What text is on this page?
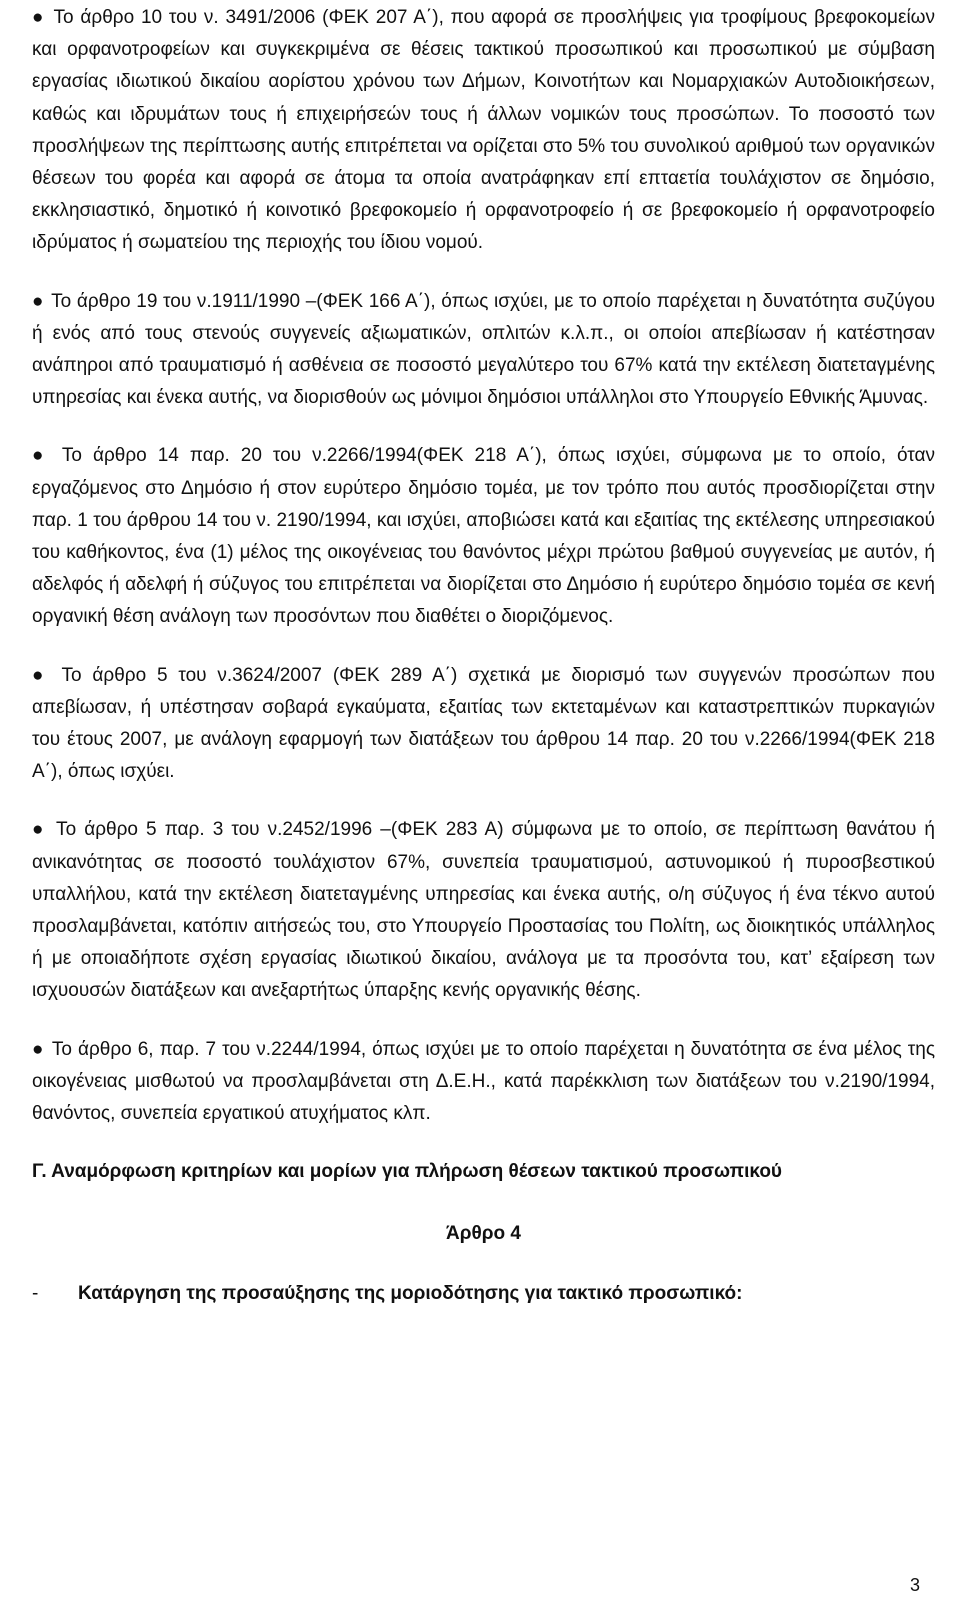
● Το άρθρο 10 του ν. 3491/2006 (ΦΕΚ 207 Α΄), που αφορά σε προσλήψεις για τροφίμους βρεφοκομείων και ορφανοτροφείων και συγκεκριμένα σε θέσεις τακτικού προσωπικού και προσωπικού με σύμβαση εργασίας ιδιωτικού δικαίου αορίστου χρόνου των Δήμων, Κοινοτήτων και Νομαρχιακών Αυτοδιοικήσεων, καθώς και ιδρυμάτων τους ή επιχειρήσεών τους ή άλλων νομικών τους προσώπων. Το ποσοστό των προσλήψεων της περίπτωσης αυτής επιτρέπεται να ορίζεται στο 5% του συνολικού αριθμού των οργανικών θέσεων του φορέα και αφορά σε άτομα τα οποία ανατράφηκαν επί επταετία τουλάχιστον σε δημόσιο, εκκλησιαστικό, δημοτικό ή κοινοτικό βρεφοκομείο ή ορφανοτροφείο ή σε βρεφοκομείο ή ορφανοτροφείο ιδρύματος ή σωματείου της περιοχής του ίδιου νομού.

● Το άρθρο 19 του ν.1911/1990 –(ΦΕΚ 166 Α΄), όπως ισχύει, με το οποίο παρέχεται η δυνατότητα συζύγου ή ενός από τους στενούς συγγενείς αξιωματικών, οπλιτών κ.λ.π., οι οποίοι απεβίωσαν ή κατέστησαν ανάπηροι από τραυματισμό ή ασθένεια σε ποσοστό μεγαλύτερο του 67% κατά την εκτέλεση διατεταγμένης υπηρεσίας και ένεκα αυτής, να διορισθούν ως μόνιμοι δημόσιοι υπάλληλοι στο Υπουργείο Εθνικής Άμυνας.

● Το άρθρο 14 παρ. 20 του ν.2266/1994(ΦΕΚ 218 Α΄), όπως ισχύει, σύμφωνα με το οποίο, όταν εργαζόμενος στο Δημόσιο ή στον ευρύτερο δημόσιο τομέα, με τον τρόπο που αυτός προσδιορίζεται στην παρ. 1 του άρθρου 14 του ν. 2190/1994, και ισχύει, αποβιώσει κατά και εξαιτίας της εκτέλεσης υπηρεσιακού του καθήκοντος, ένα (1) μέλος της οικογένειας του θανόντος μέχρι πρώτου βαθμού συγγενείας με αυτόν, ή αδελφός ή αδελφή ή σύζυγος του επιτρέπεται να διορίζεται στο Δημόσιο ή ευρύτερο δημόσιο τομέα σε κενή οργανική θέση ανάλογη των προσόντων που διαθέτει ο διοριζόμενος.

● Το άρθρο 5 του ν.3624/2007 (ΦΕΚ 289 Α΄) σχετικά με διορισμό των συγγενών προσώπων που απεβίωσαν, ή υπέστησαν σοβαρά εγκαύματα, εξαιτίας των εκτεταμένων και καταστρεπτικών πυρκαγιών του έτους 2007, με ανάλογη εφαρμογή των διατάξεων του άρθρου 14 παρ. 20 του ν.2266/1994(ΦΕΚ 218 Α΄), όπως ισχύει.

● Το άρθρο 5 παρ. 3 του ν.2452/1996 –(ΦΕΚ 283 Α) σύμφωνα με το οποίο, σε περίπτωση θανάτου ή ανικανότητας σε ποσοστό τουλάχιστον 67%, συνεπεία τραυματισμού, αστυνομικού ή πυροσβεστικού υπαλλήλου, κατά την εκτέλεση διατεταγμένης υπηρεσίας και ένεκα αυτής, ο/η σύζυγος ή ένα τέκνο αυτού προσλαμβάνεται, κατόπιν αιτήσεώς του, στο Υπουργείο Προστασίας του Πολίτη, ως διοικητικός υπάλληλος ή με οποιαδήποτε σχέση εργασίας ιδιωτικού δικαίου, ανάλογα με τα προσόντα του, κατ’ εξαίρεση των ισχυουσών διατάξεων και ανεξαρτήτως ύπαρξης κενής οργανικής θέσης.

● Το άρθρο 6, παρ. 7 του ν.2244/1994, όπως ισχύει με το οποίο παρέχεται η δυνατότητα σε ένα μέλος της οικογένειας μισθωτού να προσλαμβάνεται στη Δ.Ε.Η., κατά παρέκκλιση των διατάξεων του ν.2190/1994, θανόντος, συνεπεία εργατικού ατυχήματος κλπ.

Γ. Αναμόρφωση κριτηρίων και μορίων για πλήρωση θέσεων τακτικού προσωπικού
Άρθρο 4
-	Κατάργηση της προσαύξησης της μοριοδότησης για τακτικό προσωπικό:
3
